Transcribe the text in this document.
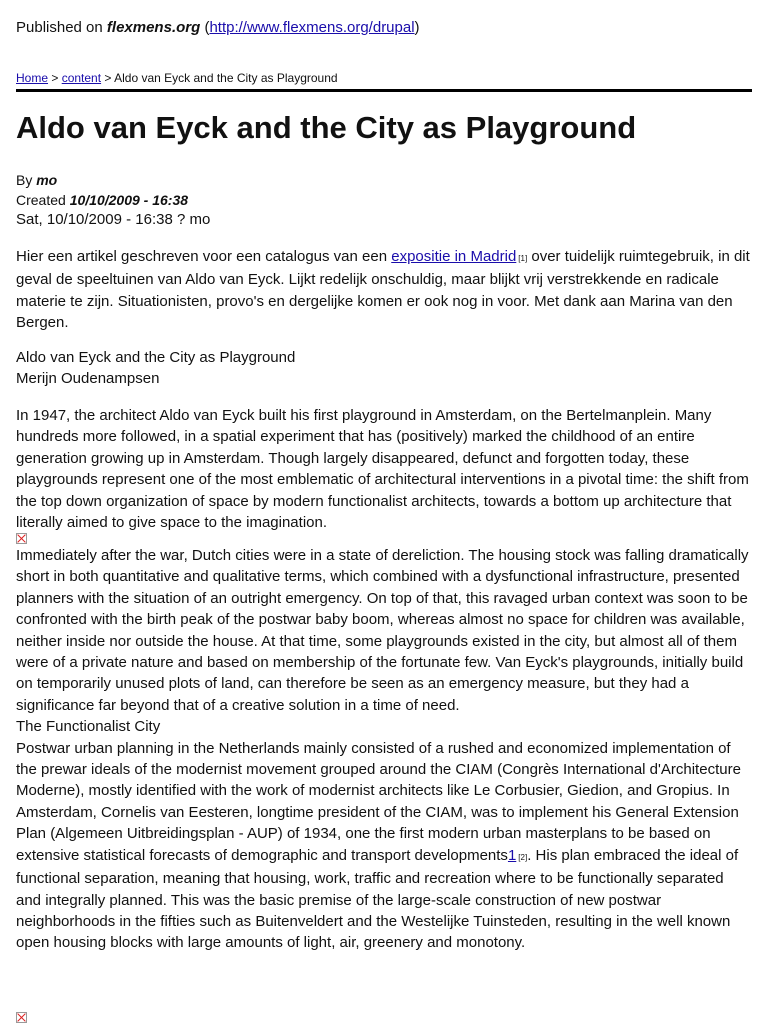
Published on flexmens.org (http://www.flexmens.org/drupal)
Home > content > Aldo van Eyck and the City as Playground
Aldo van Eyck and the City as Playground
By mo
Created 10/10/2009 - 16:38
Sat, 10/10/2009 - 16:38 ? mo

Hier een artikel geschreven voor een catalogus van een expositie in Madrid [1] over tuidelijk ruimtegebruik, in dit geval de speeltuinen van Aldo van Eyck. Lijkt redelijk onschuldig, maar blijkt vrij verstrekkende en radicale materie te zijn. Situationisten, provo's en dergelijke komen er ook nog in voor. Met dank aan Marina van den Bergen.

Aldo van Eyck and the City as Playground
Merijn Oudenampsen

In 1947, the architect Aldo van Eyck built his first playground in Amsterdam, on the Bertelmanplein. Many hundreds more followed, in a spatial experiment that has (positively) marked the childhood of an entire generation growing up in Amsterdam. Though largely disappeared, defunct and forgotten today, these playgrounds represent one of the most emblematic of architectural interventions in a pivotal time: the shift from the top down organization of space by modern functionalist architects, towards a bottom up architecture that literally aimed to give space to the imagination.

Immediately after the war, Dutch cities were in a state of dereliction. The housing stock was falling dramatically short in both quantitative and qualitative terms, which combined with a dysfunctional infrastructure, presented planners with the situation of an outright emergency. On top of that, this ravaged urban context was soon to be confronted with the birth peak of the postwar baby boom, whereas almost no space for children was available, neither inside nor outside the house. At that time, some playgrounds existed in the city, but almost all of them were of a private nature and based on membership of the fortunate few. Van Eyck's playgrounds, initially build on temporarily unused plots of land, can therefore be seen as an emergency measure, but they had a significance far beyond that of a creative solution in a time of need.

The Functionalist City

Postwar urban planning in the Netherlands mainly consisted of a rushed and economized implementation of the prewar ideals of the modernist movement grouped around the CIAM (Congrès International d'Architecture Moderne), mostly identified with the work of modernist architects like Le Corbusier, Giedion, and Gropius. In Amsterdam, Cornelis van Eesteren, longtime president of the CIAM, was to implement his General Extension Plan (Algemeen Uitbreidingsplan - AUP) of 1934, one the first modern urban masterplans to be based on extensive statistical forecasts of demographic and transport developments1 [2]. His plan embraced the ideal of functional separation, meaning that housing, work, traffic and recreation where to be functionally separated and integrally planned. This was the basic premise of the large-scale construction of new postwar neighborhoods in the fifties such as Buitenveldert and the Westelijke Tuinsteden, resulting in the well known open housing blocks with large amounts of light, air, greenery and monotony.
